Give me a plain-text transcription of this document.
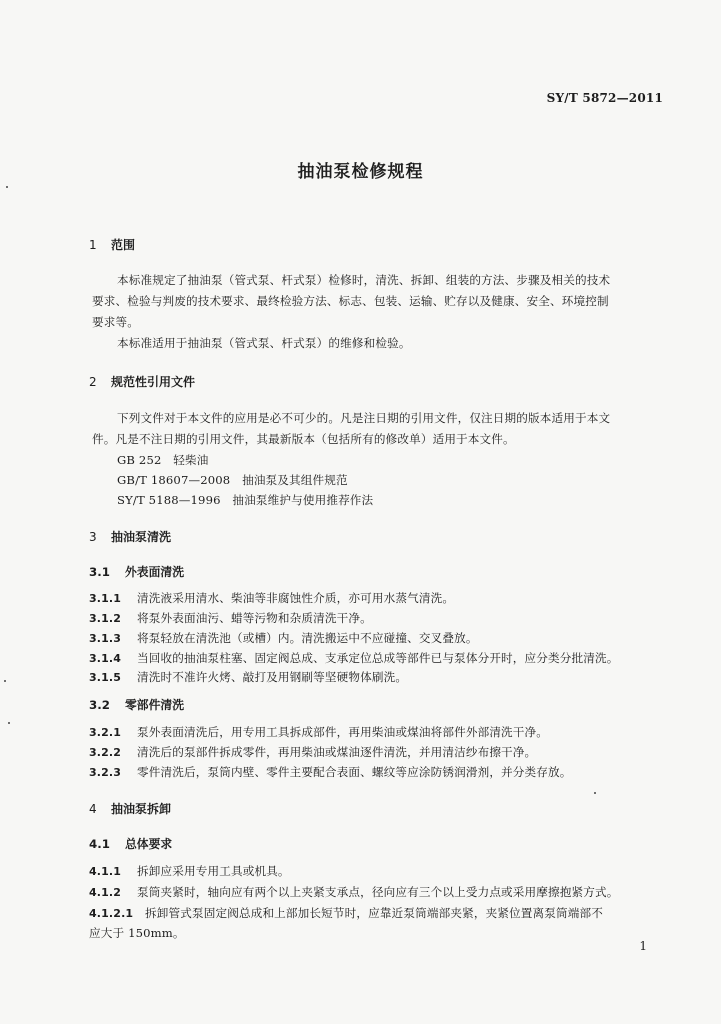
SY/T 5872—2011
抽油泵检修规程
1 范围
本标准规定了抽油泵（管式泵、杆式泵）检修时，清洗、拆卸、组装的方法、步骤及相关的技术
要求、检验与判废的技术要求、最终检验方法、标志、包装、运输、贮存以及健康、安全、环境控制
要求等。
本标准适用于抽油泵（管式泵、杆式泵）的维修和检验。
2 规范性引用文件
下列文件对于本文件的应用是必不可少的。凡是注日期的引用文件，仅注日期的版本适用于本文
件。凡是不注日期的引用文件，其最新版本（包括所有的修改单）适用于本文件。
GB 252　轻柴油
GB/T 18607—2008　抽油泵及其组件规范
SY/T 5188—1996　抽油泵维护与使用推荐作法
3 抽油泵清洗
3.1 外表面清洗
3.1.1 清洗液采用清水、柴油等非腐蚀性介质，亦可用水蒸气清洗。
3.1.2 将泵外表面油污、蜡等污物和杂质清洗干净。
3.1.3 将泵轻放在清洗池（或槽）内。清洗搬运中不应碰撞、交叉叠放。
3.1.4 当回收的抽油泵柱塞、固定阀总成、支承定位总成等部件已与泵体分开时，应分类分批清洗。
3.1.5 清洗时不准许火烤、敲打及用钢刷等坚硬物体刷洗。
3.2 零部件清洗
3.2.1 泵外表面清洗后，用专用工具拆成部件，再用柴油或煤油将部件外部清洗干净。
3.2.2 清洗后的泵部件拆成零件，再用柴油或煤油逐件清洗，并用清洁纱布擦干净。
3.2.3 零件清洗后，泵筒内壁、零件主要配合表面、螺纹等应涂防锈润滑剂，并分类存放。
4 抽油泵拆卸
4.1 总体要求
4.1.1 拆卸应采用专用工具或机具。
4.1.2 泵筒夹紧时，轴向应有两个以上夹紧支承点，径向应有三个以上受力点或采用摩擦抱紧方式。
4.1.2.1 拆卸管式泵固定阀总成和上部加长短节时，应靠近泵筒端部夹紧，夹紧位置离泵筒端部不
应大于 150mm。
1
